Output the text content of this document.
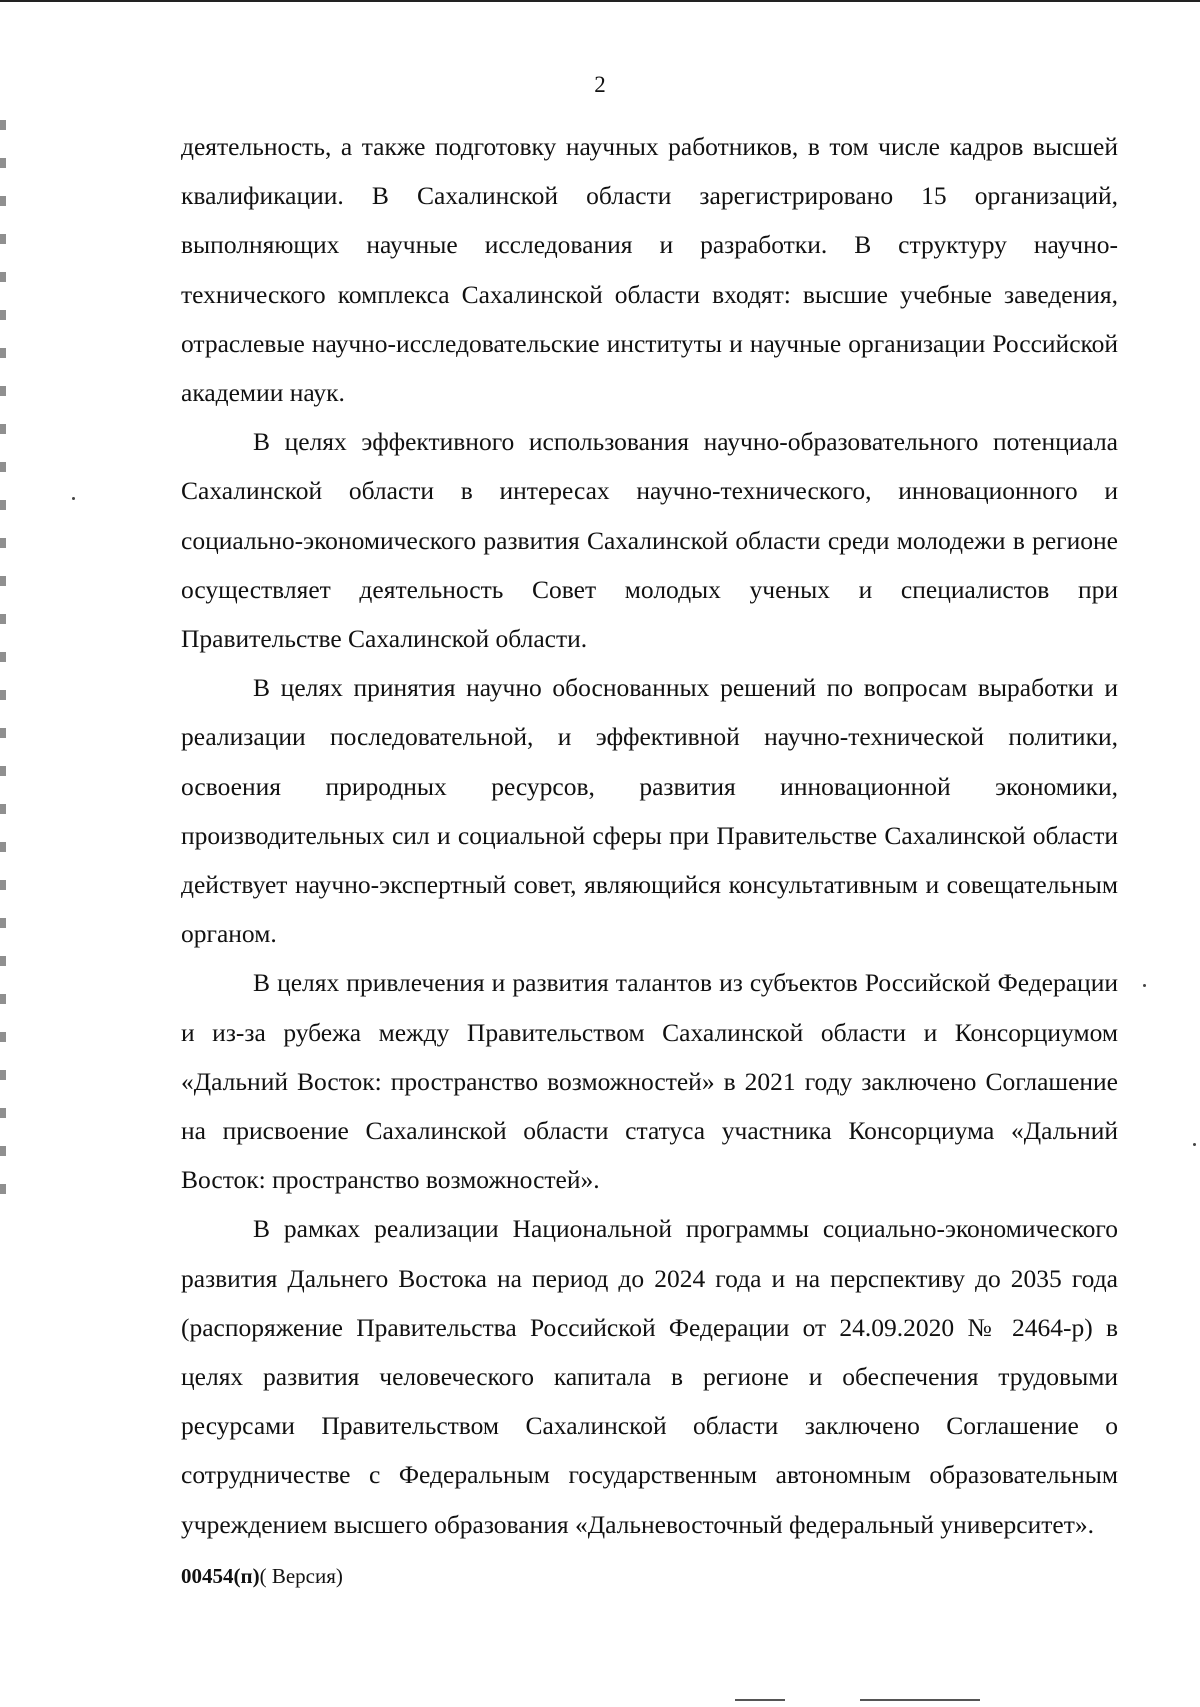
2

деятельность, а также подготовку научных работников, в том числе кадров высшей квалификации. В Сахалинской области зарегистрировано 15 организаций, выполняющих научные исследования и разработки. В структуру научно-технического комплекса Сахалинской области входят: высшие учебные заведения, отраслевые научно-исследовательские институты и научные организации Российской академии наук.

В целях эффективного использования научно-образовательного потенциала Сахалинской области в интересах научно-технического, инновационного и социально-экономического развития Сахалинской области среди молодежи в регионе осуществляет деятельность Совет молодых ученых и специалистов при Правительстве Сахалинской области.

В целях принятия научно обоснованных решений по вопросам выработки и реализации последовательной, и эффективной научно-технической политики, освоения природных ресурсов, развития инновационной экономики, производительных сил и социальной сферы при Правительстве Сахалинской области действует научно-экспертный совет, являющийся консультативным и совещательным органом.

В целях привлечения и развития талантов из субъектов Российской Федерации и из-за рубежа между Правительством Сахалинской области и Консорциумом «Дальний Восток: пространство возможностей» в 2021 году заключено Соглашение на присвоение Сахалинской области статуса участника Консорциума «Дальний Восток: пространство возможностей».

В рамках реализации Национальной программы социально-экономического развития Дальнего Востока на период до 2024 года и на перспективу до 2035 года (распоряжение Правительства Российской Федерации от 24.09.2020 № 2464-р) в целях развития человеческого капитала в регионе и обеспечения трудовыми ресурсами Правительством Сахалинской области заключено Соглашение о сотрудничестве с Федеральным государственным автономным образовательным учреждением высшего образования «Дальневосточный федеральный университет».

00454(п)( Версия)
